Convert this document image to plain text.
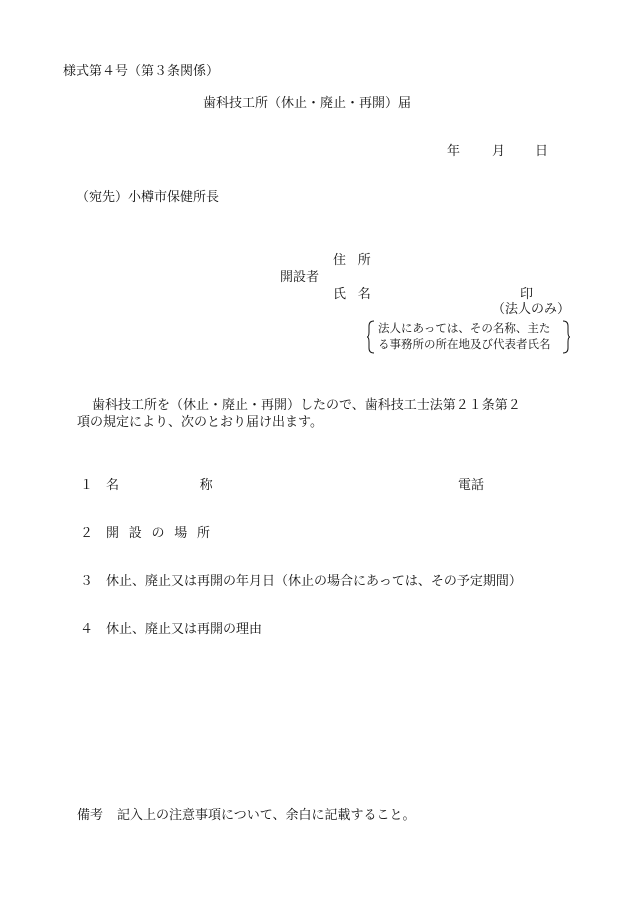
様式第４号（第３条関係）
歯科技工所（休止・廃止・再開）届
年 月 日
（宛先）小樽市保健所長
住所
開設者
氏名	印
（法人のみ）
法人にあっては、その名称、主た
る事務所の所在地及び代表者氏名
歯科技工所を（休止・廃止・再開）したので、歯科技工士法第２１条第２
項の規定により、次のとおり届け出ます。
１ 名称	電話
２ 開設の場所
３ 休止、廃止又は再開の年月日（休止の場合にあっては、その予定期間）
４ 休止、廃止又は再開の理由
備考 記入上の注意事項について、余白に記載すること。
